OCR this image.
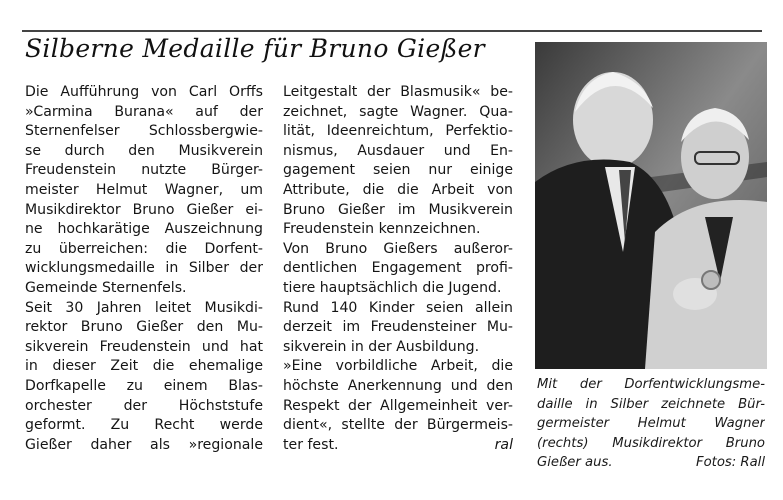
Silberne Medaille für Bruno Gießer
Die Aufführung von Carl Orffs
»Carmina Burana« auf der
Sternenfelser Schlossbergwie-
se durch den Musikverein
Freudenstein nutzte Bürger-
meister Helmut Wagner, um
Musikdirektor Bruno Gießer ei-
ne hochkarätige Auszeichnung
zu überreichen: die Dorfent-
wicklungsmedaille in Silber der
Gemeinde Sternenfels.
Seit 30 Jahren leitet Musikdi-
rektor Bruno Gießer den Mu-
sikverein Freudenstein und hat
in dieser Zeit die ehemalige
Dorfkapelle zu einem Blas-
orchester der Höchststufe
geformt. Zu Recht werde
Gießer daher als »regionale
Leitgestalt der Blasmusik« be-
zeichnet, sagte Wagner. Qua-
lität, Ideenreichtum, Perfektio-
nismus, Ausdauer und En-
gagement seien nur einige
Attribute, die die Arbeit von
Bruno Gießer im Musikverein
Freudenstein kennzeichnen.
Von Bruno Gießers außeror-
dentlichen Engagement profi-
tiere hauptsächlich die Jugend.
Rund 140 Kinder seien allein
derzeit im Freudensteiner Mu-
sikverein in der Ausbildung.
»Eine vorbildliche Arbeit, die
höchste Anerkennung und den
Respekt der Allgemeinheit ver-
dient«, stellte der Bürgermeis-
ter fest.	ral
Mit der Dorfentwicklungsme-
daille in Silber zeichnete Bür-
germeister Helmut Wagner
(rechts) Musikdirektor Bruno
Gießer aus.	Fotos: Rall
